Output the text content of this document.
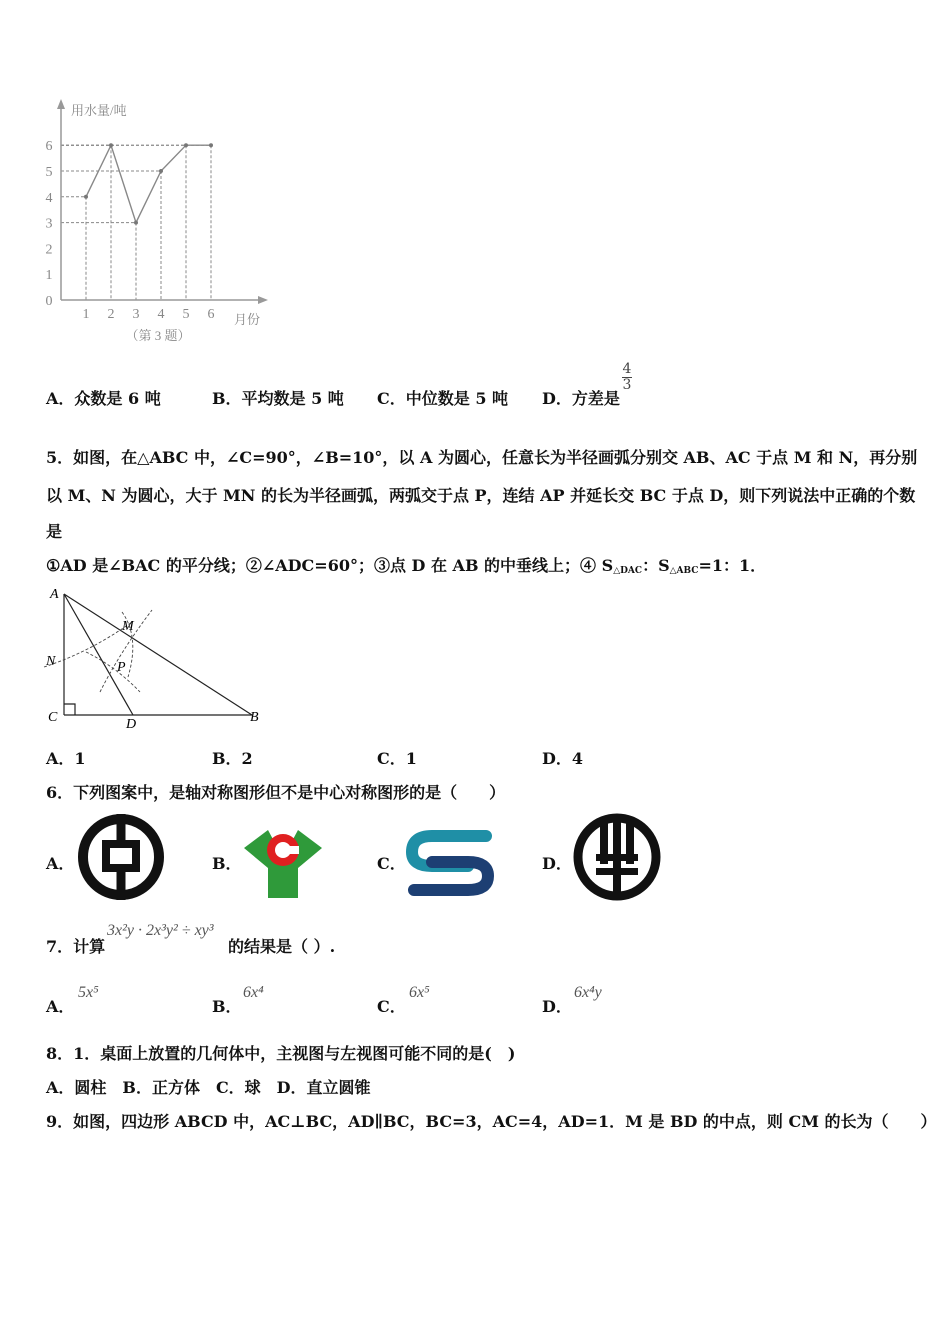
0
1
2
3
4
5
6
1 2 3 4 5 6
用水量/吨
月份
（第 3 题）
A．众数是 6 吨	B．平均数是 5 吨 C．中位数是 5 吨 D．方差是
4
3
5．如图，在△ABC 中，∠C=90°，∠B=10°，以 A 为圆心，任意长为半径画弧分别交 AB、AC 于点 M 和 N，再分别
以 M、N 为圆心，大于 MN 的长为半径画弧，两弧交于点 P，连结 AP 并延长交 BC 于点 D，则下列说法中正确的个数
是
①AD 是∠BAC 的平分线；②∠ADC=60°；③点 D 在 AB 的中垂线上；④ $S_{\triangle DAC}$：$S_{\triangle ABC}=1$：1．
A
M
N	P
C	D	B
A．1	B．2	C．1	D．4
6．下列图案中，是轴对称图形但不是中心对称图形的是（　　）
A．	B．	C．	D．
7．计算
3x²y · 2x³y² ÷ xy³
的结果是（ ）.
A．
5x⁵
B．
6x⁴
C．
6x⁵
D．
6x⁴y
8．1．桌面上放置的几何体中，主视图与左视图可能不同的是(　)
A．圆柱　B．正方体　C．球　D．直立圆锥
9．如图，四边形 ABCD 中，AC⊥BC，AD∥BC，BC=3，AC=4，AD=1．M 是 BD 的中点，则 CM 的长为（　　）
